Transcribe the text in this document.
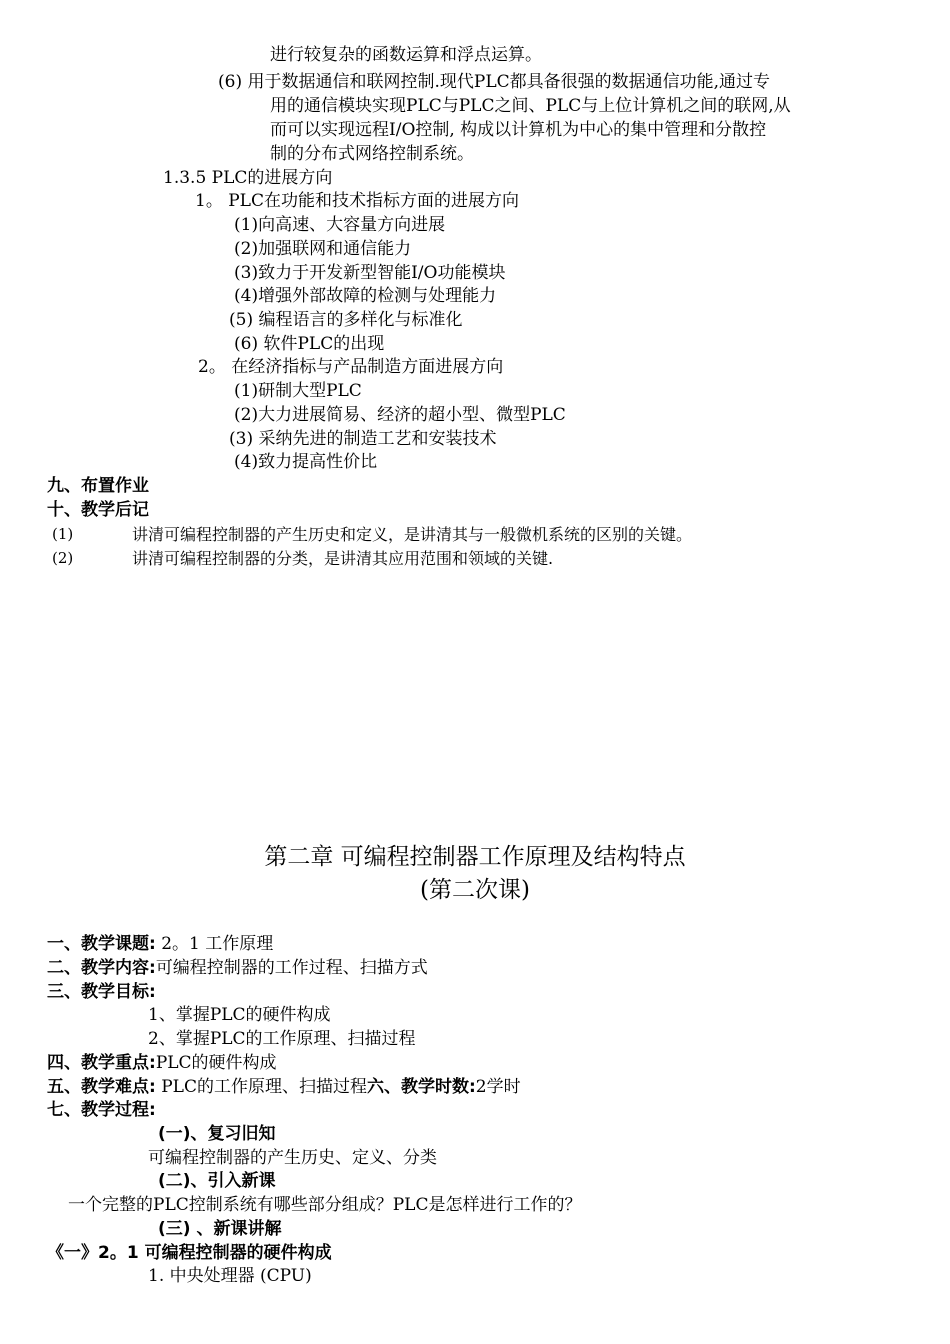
进行较复杂的函数运算和浮点运算。
(6) 用于数据通信和联网控制.现代PLC都具备很强的数据通信功能,通过专
用的通信模块实现PLC与PLC之间、PLC与上位计算机之间的联网,从
而可以实现远程I/O控制, 构成以计算机为中心的集中管理和分散控
制的分布式网络控制系统。
1.3.5 PLC的进展方向
1。 PLC在功能和技术指标方面的进展方向
(1)向高速、大容量方向进展
(2)加强联网和通信能力
(3)致力于开发新型智能I/O功能模块
(4)增强外部故障的检测与处理能力
(5) 编程语言的多样化与标准化
(6) 软件PLC的出现
2。 在经济指标与产品制造方面进展方向
(1)研制大型PLC
(2)大力进展简易、经济的超小型、微型PLC
(3) 采纳先进的制造工艺和安装技术
(4)致力提高性价比
九、布置作业
十、教学后记
(1)	讲清可编程控制器的产生历史和定义，是讲清其与一般微机系统的区别的关键。
(2)	讲清可编程控制器的分类，是讲清其应用范围和领域的关键.
第二章 可编程控制器工作原理及结构特点
(第二次课)
一、教学课题: 2。1 工作原理
二、教学内容:可编程控制器的工作过程、扫描方式
三、教学目标:
1、掌握PLC的硬件构成
2、掌握PLC的工作原理、扫描过程
四、教学重点:PLC的硬件构成
五、教学难点: PLC的工作原理、扫描过程六、教学时数:2学时
七、教学过程:
(一)、复习旧知
可编程控制器的产生历史、定义、分类
(二)、引入新课
一个完整的PLC控制系统有哪些部分组成？PLC是怎样进行工作的？
(三) 、新课讲解
《一》2。1 可编程控制器的硬件构成
1. 中央处理器 (CPU)
